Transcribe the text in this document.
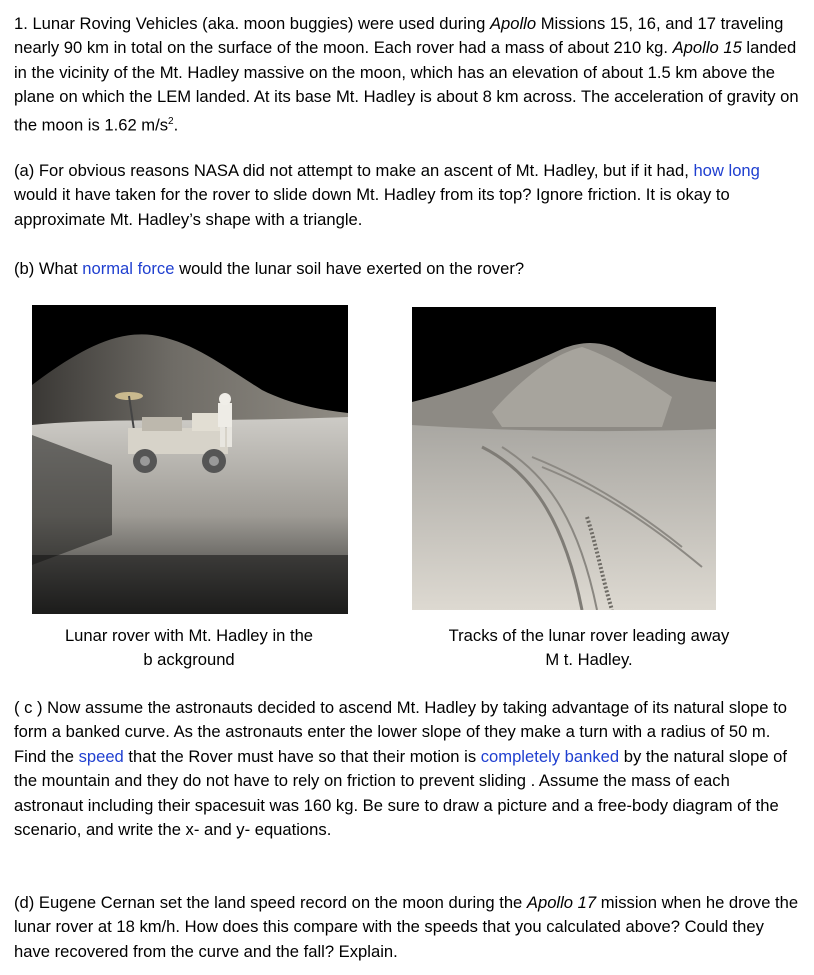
1. Lunar Roving Vehicles (aka. moon buggies) were used during Apollo Missions 15, 16, and 17 traveling nearly 90 km in total on the surface of the moon. Each rover had a mass of about 210 kg. Apollo 15 landed in the vicinity of the Mt. Hadley massive on the moon, which has an elevation of about 1.5 km above the plane on which the LEM landed. At its base Mt. Hadley is about 8 km across. The acceleration of gravity on the moon is 1.62 $m/s^2$.

(a) For obvious reasons NASA did not attempt to make an ascent of Mt. Hadley, but if it had, how long would it have taken for the rover to slide down Mt. Hadley from its top? Ignore friction. It is okay to approximate Mt. Hadley’s shape with a triangle.

(b) What normal force would the lunar soil have exerted on the rover?

Lunar rover with Mt. Hadley in the
b ackground
Tracks of the lunar rover leading away
M t. Hadley.

( c ) Now assume the astronauts decided to ascend Mt. Hadley by taking advantage of its natural slope to form a banked curve. As the astronauts enter the lower slope of they make a turn with a radius of 50 m. Find the speed that the Rover must have so that their motion is completely banked by the natural slope of the mountain and they do not have to rely on friction to prevent sliding . Assume the mass of each astronaut including their spacesuit was 160 kg. Be sure to draw a picture and a free-body diagram of the scenario, and write the x- and y- equations.

(d) Eugene Cernan set the land speed record on the moon during the Apollo 17 mission when he drove the lunar rover at 18 km/h. How does this compare with the speeds that you calculated above? Could they have recovered from the curve and the fall? Explain.
